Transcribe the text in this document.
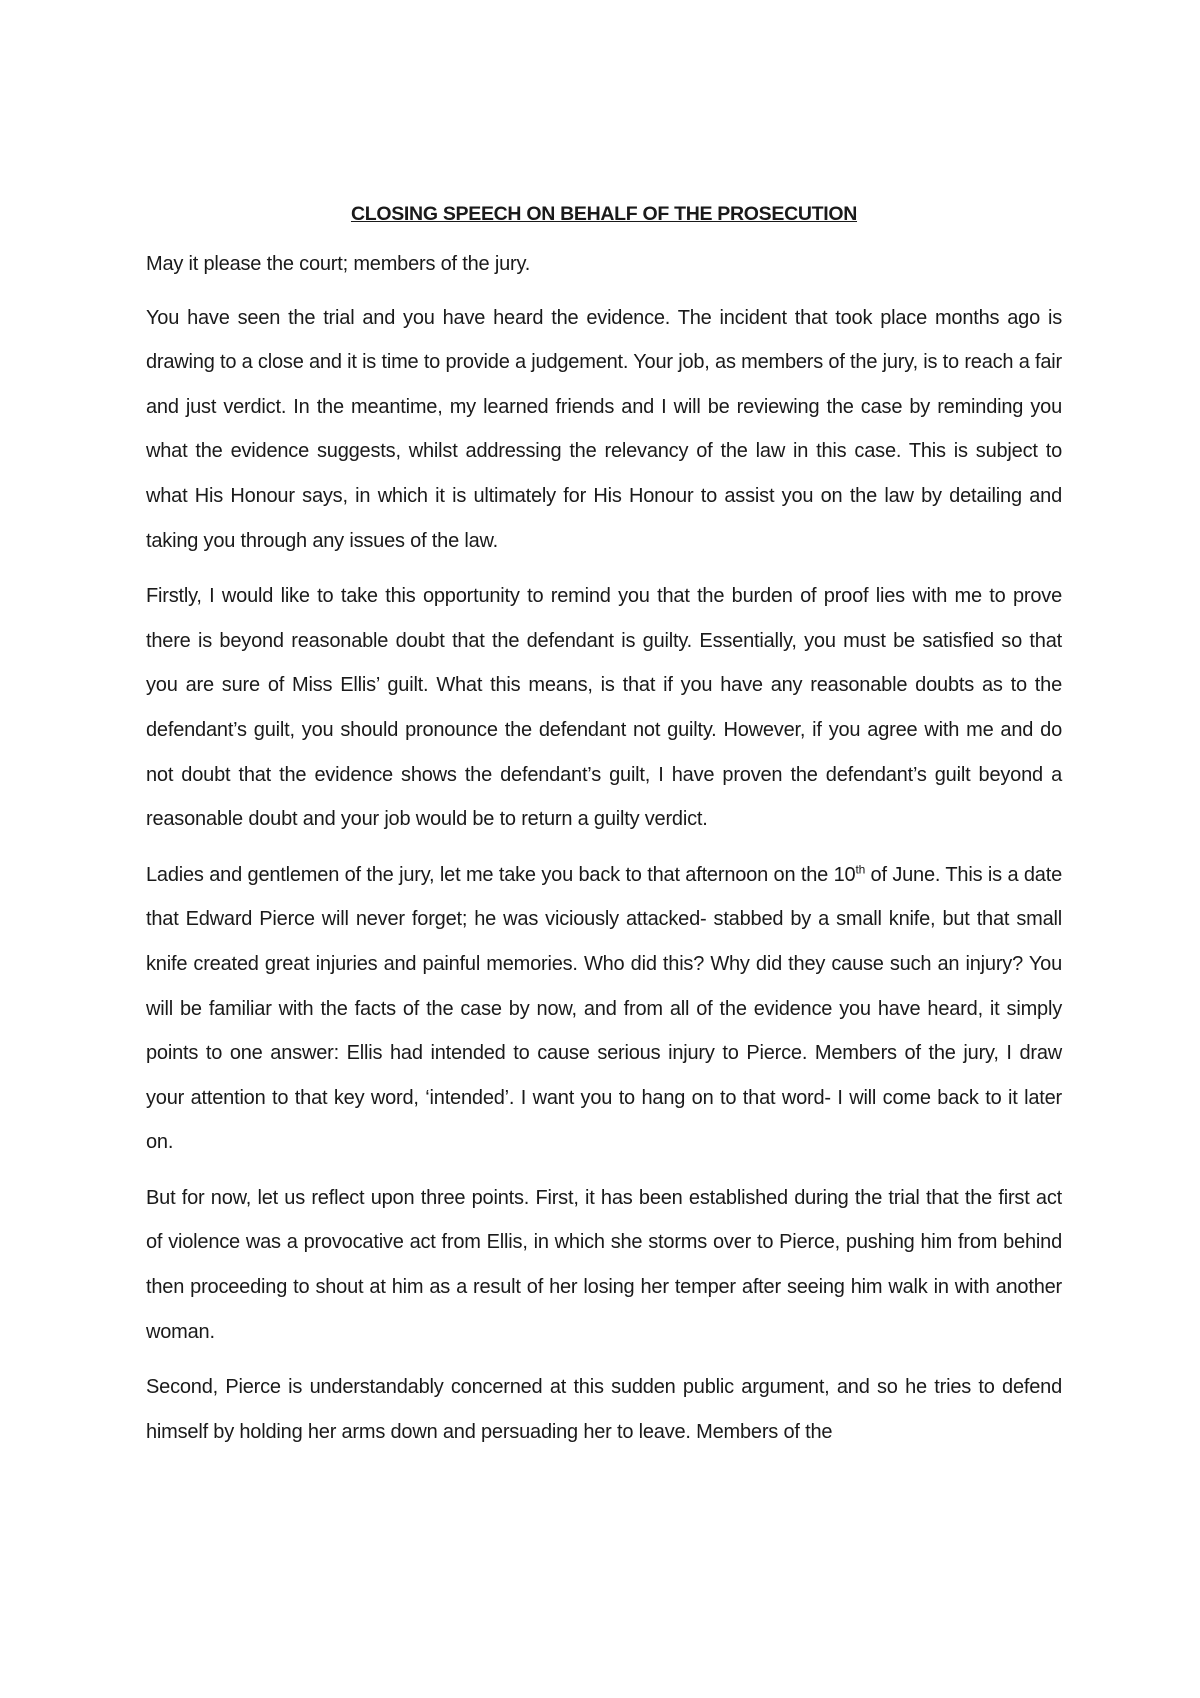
CLOSING SPEECH ON BEHALF OF THE PROSECUTION

May it please the court; members of the jury.

You have seen the trial and you have heard the evidence. The incident that took place months ago is drawing to a close and it is time to provide a judgement. Your job, as members of the jury, is to reach a fair and just verdict. In the meantime, my learned friends and I will be reviewing the case by reminding you what the evidence suggests, whilst addressing the relevancy of the law in this case. This is subject to what His Honour says, in which it is ultimately for His Honour to assist you on the law by detailing and taking you through any issues of the law.

Firstly, I would like to take this opportunity to remind you that the burden of proof lies with me to prove there is beyond reasonable doubt that the defendant is guilty. Essentially, you must be satisfied so that you are sure of Miss Ellis’ guilt. What this means, is that if you have any reasonable doubts as to the defendant’s guilt, you should pronounce the defendant not guilty. However, if you agree with me and do not doubt that the evidence shows the defendant’s guilt, I have proven the defendant’s guilt beyond a reasonable doubt and your job would be to return a guilty verdict.

Ladies and gentlemen of the jury, let me take you back to that afternoon on the 10th of June. This is a date that Edward Pierce will never forget; he was viciously attacked- stabbed by a small knife, but that small knife created great injuries and painful memories. Who did this? Why did they cause such an injury? You will be familiar with the facts of the case by now, and from all of the evidence you have heard, it simply points to one answer: Ellis had intended to cause serious injury to Pierce. Members of the jury, I draw your attention to that key word, ‘intended’. I want you to hang on to that word- I will come back to it later on.

But for now, let us reflect upon three points. First, it has been established during the trial that the first act of violence was a provocative act from Ellis, in which she storms over to Pierce, pushing him from behind then proceeding to shout at him as a result of her losing her temper after seeing him walk in with another woman.

Second, Pierce is understandably concerned at this sudden public argument, and so he tries to defend himself by holding her arms down and persuading her to leave. Members of the
